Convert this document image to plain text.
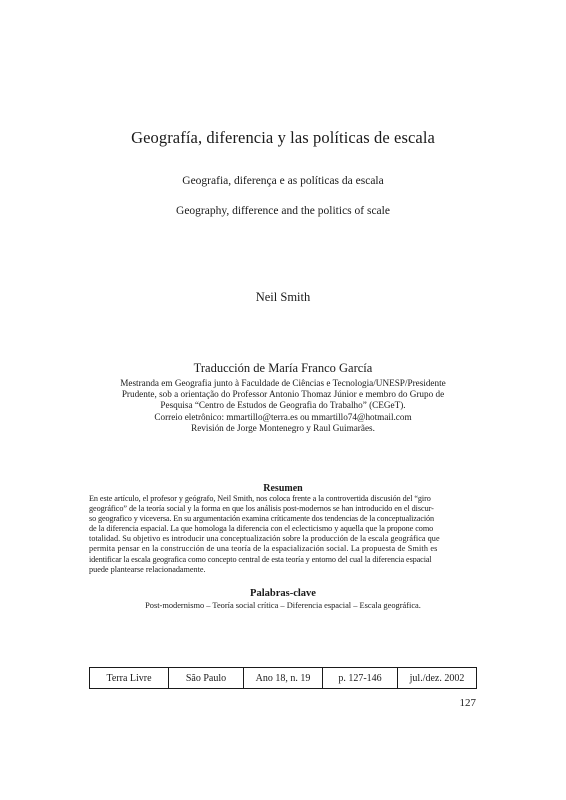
Geografía, diferencia y las políticas de escala
Geografia, diferença e as políticas da escala
Geography, difference and the politics of scale
Neil Smith
Traducción de María Franco García
Mestranda em Geografia junto à Faculdade de Ciências e Tecnologia/UNESP/Presidente
Prudente, sob a orientação do Professor Antonio Thomaz Júnior e membro do Grupo de
Pesquisa “Centro de Estudos de Geografia do Trabalho” (CEGeT).
Correio eletrônico: mmartillo@terra.es ou mmartillo74@hotmail.com
Revisión de Jorge Montenegro y Raul Guimarães.
Resumen
En este artículo, el profesor y geógrafo, Neil Smith, nos coloca frente a la controvertida discusión del “giro
geográfico” de la teoría social y la forma en que los análisis post-modernos se han introducido en el discur-
so geografico y viceversa. En su argumentación examina críticamente dos tendencias de la conceptualización
de la diferencia espacial. La que homologa la diferencia con el eclecticismo y aquella que la propone como
totalidad. Su objetivo es introducir una conceptualización sobre la producción de la escala geográfica que
permita pensar en la construcción de una teoría de la espacialización social. La propuesta de Smith es
identificar la escala geografica como concepto central de esta teoría y entorno del cual la diferencia espacial
puede plantearse relacionadamente.
Palabras-clave
Post-modernismo – Teoría social crítica – Diferencia espacial – Escala geográfica.
Terra Livre	São Paulo	Ano 18, n. 19	p. 127-146	jul./dez. 2002
127
